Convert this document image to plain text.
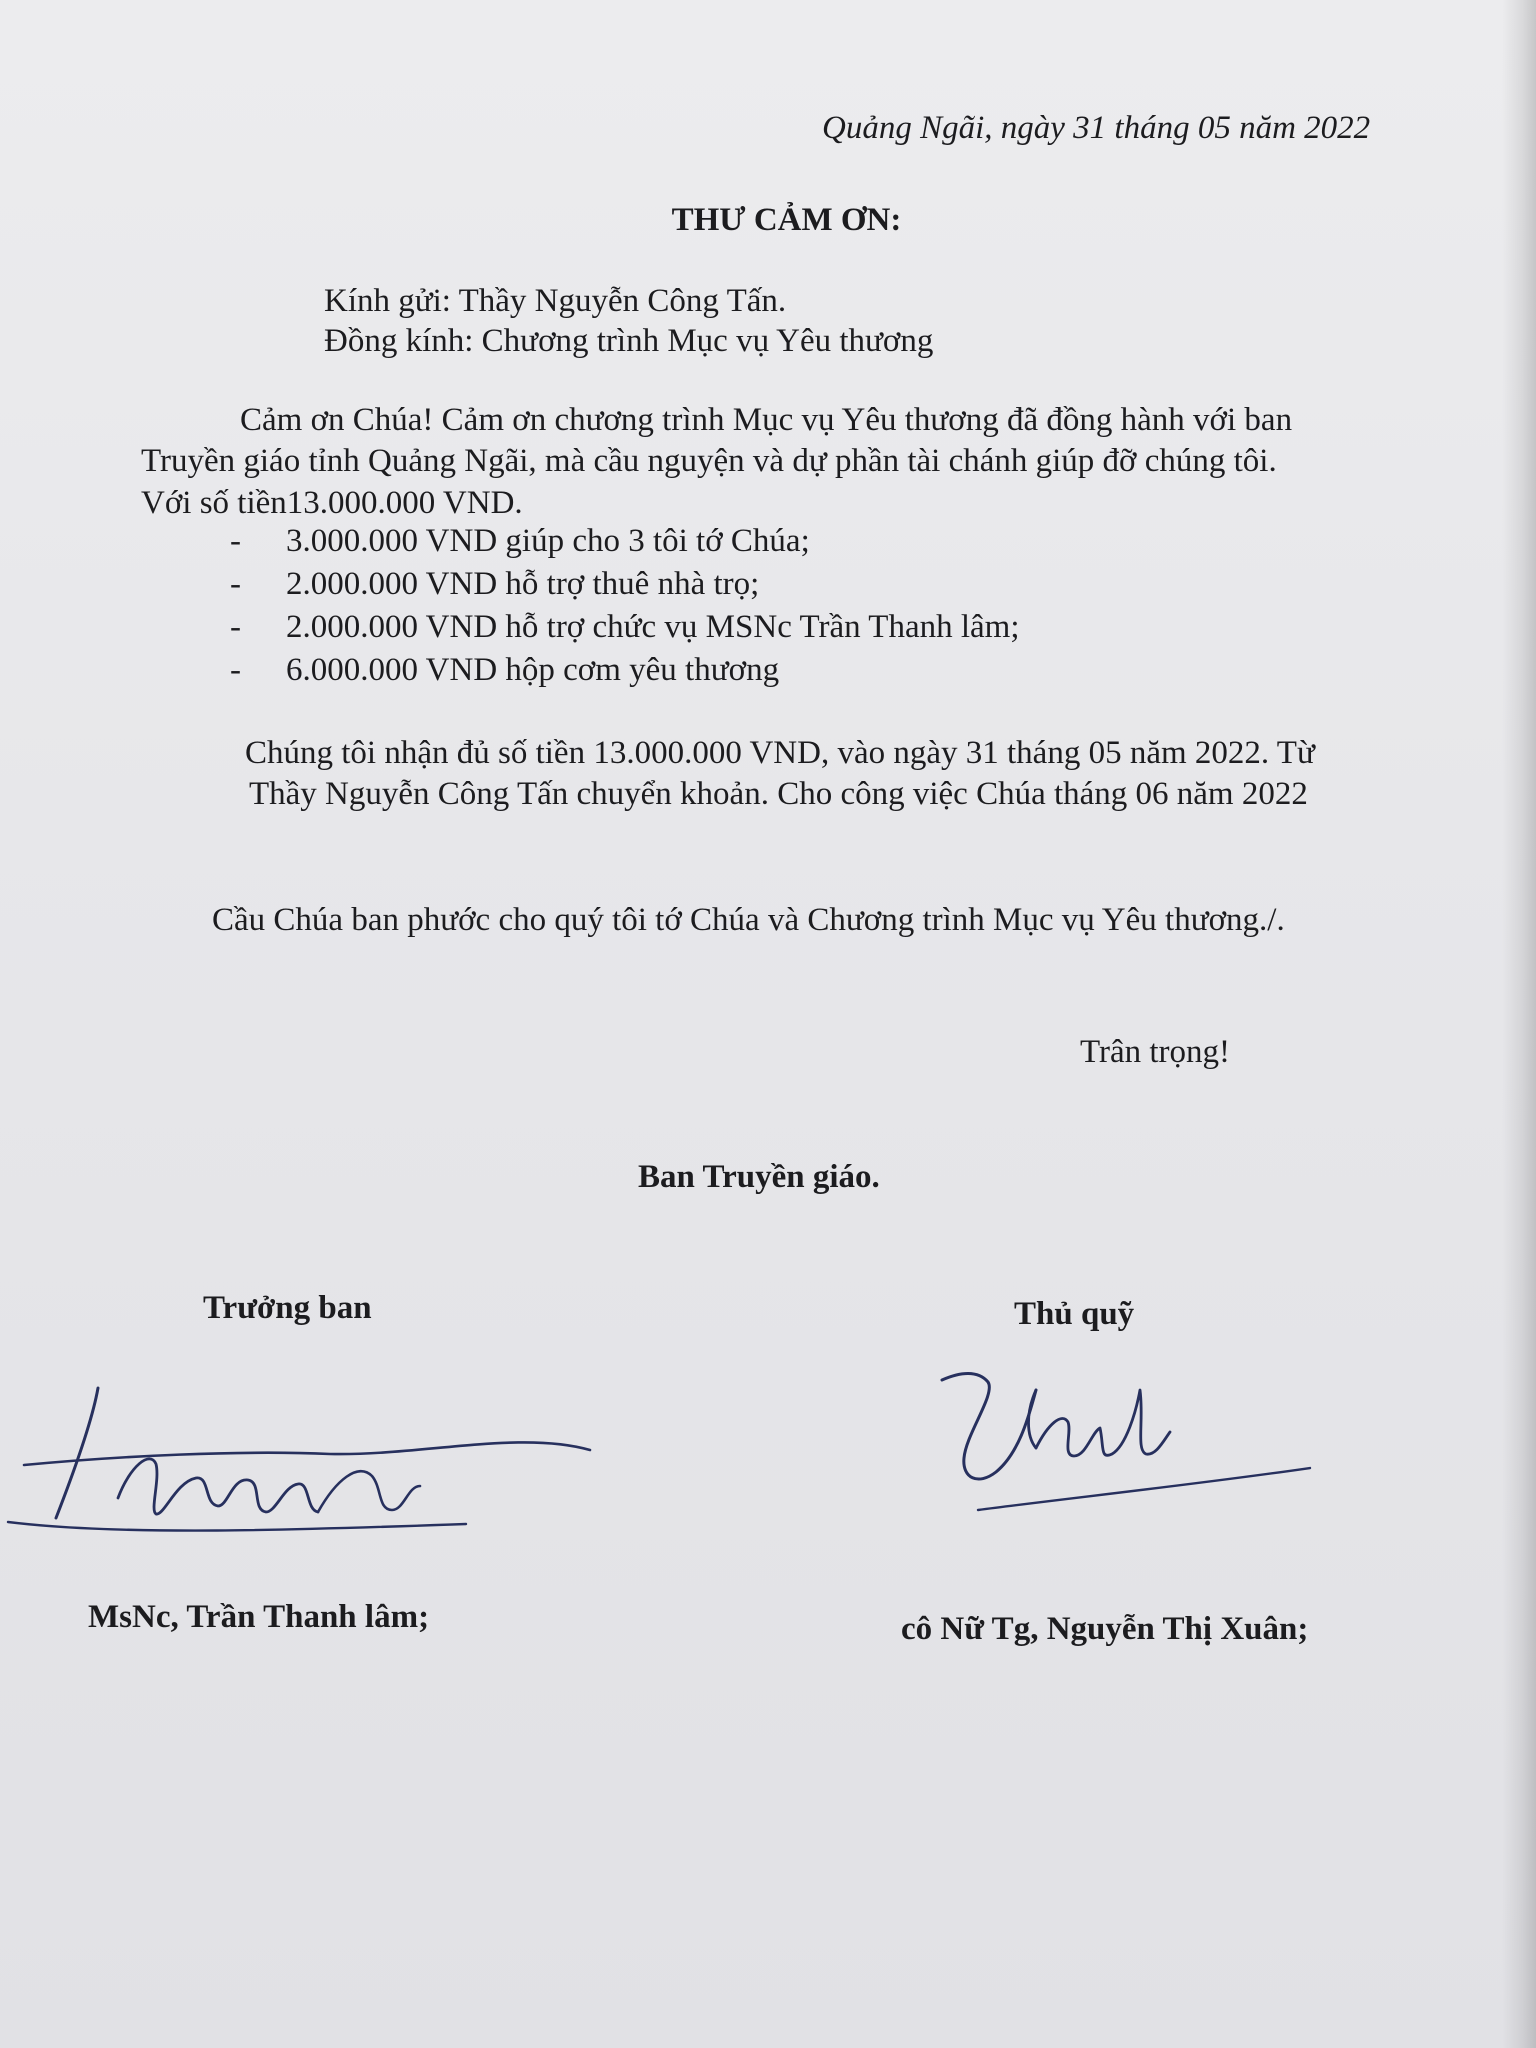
Quảng Ngãi, ngày 31 tháng 05 năm 2022

THƯ CẢM ƠN:

Kính gửi: Thầy Nguyễn Công Tấn.

Đồng kính: Chương trình Mục vụ Yêu thương

Cảm ơn Chúa! Cảm ơn chương trình Mục vụ Yêu thương đã đồng hành với ban

Truyền giáo tỉnh Quảng Ngãi, mà cầu nguyện và dự phần tài chánh giúp đỡ chúng tôi.

Với số tiền13.000.000 VND.

- 3.000.000 VND giúp cho 3 tôi tớ Chúa;
- 2.000.000 VND hỗ trợ thuê nhà trọ;
- 2.000.000 VND hỗ trợ chức vụ MSNc Trần Thanh lâm;
- 6.000.000 VND hộp cơm yêu thương

Chúng tôi nhận đủ số tiền 13.000.000 VND, vào ngày 31 tháng 05 năm 2022. Từ

Thầy Nguyễn Công Tấn chuyển khoản. Cho công việc Chúa tháng 06 năm 2022

Cầu Chúa ban phước cho quý tôi tớ Chúa và Chương trình Mục vụ Yêu thương./.

Trân trọng!

Ban Truyền giáo.

Trưởng ban	Thủ quỹ

MsNc, Trần Thanh lâm;	cô Nữ Tg, Nguyễn Thị Xuân;
